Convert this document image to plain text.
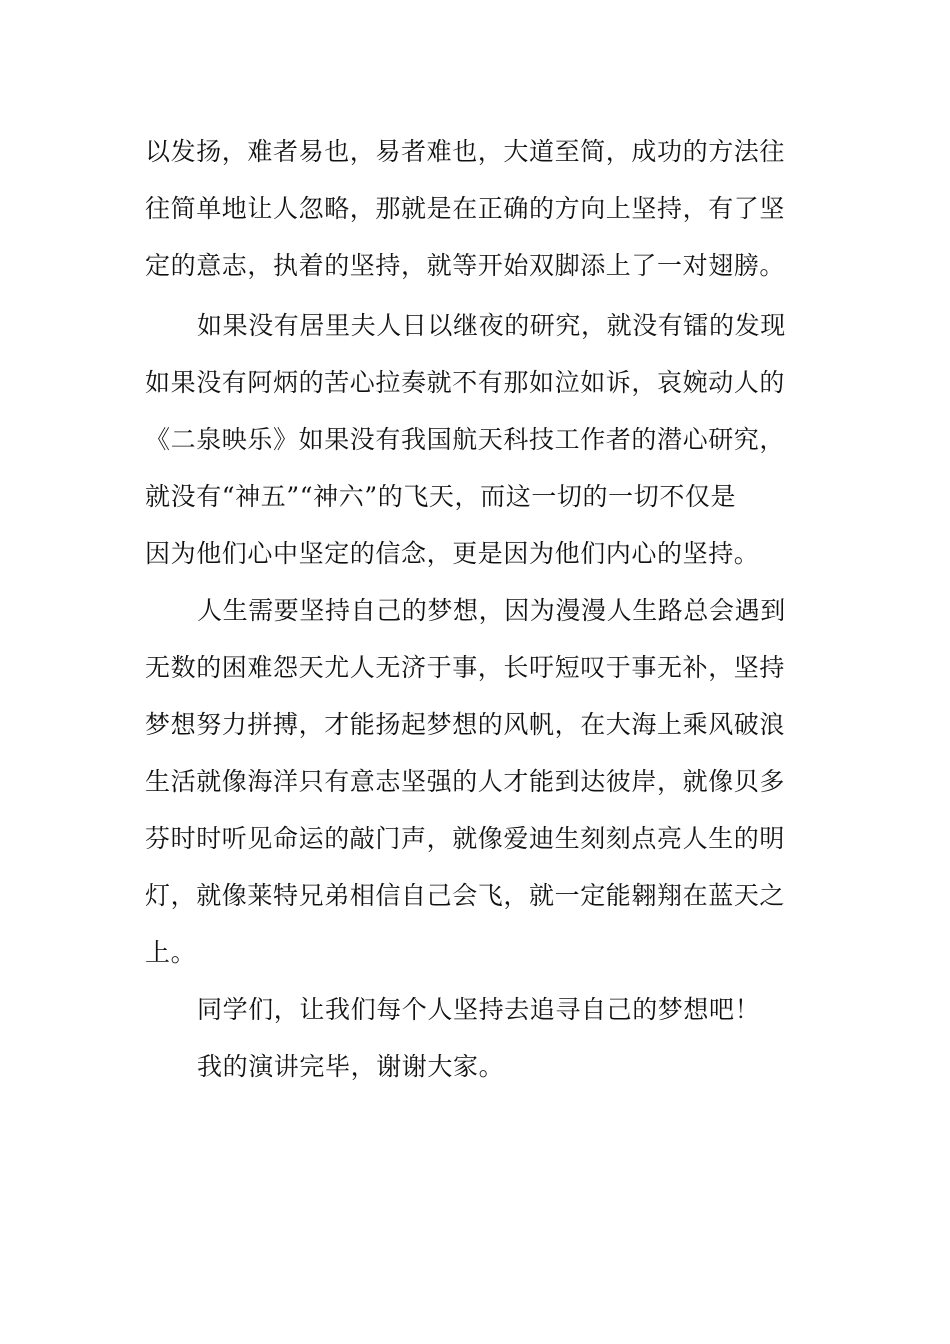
以发扬，难者易也，易者难也，大道至简，成功的方法往
往简单地让人忽略，那就是在正确的方向上坚持，有了坚
定的意志，执着的坚持，就等开始双脚添上了一对翅膀。
如果没有居里夫人日以继夜的研究，就没有镭的发现
如果没有阿炳的苦心拉奏就不有那如泣如诉，哀婉动人的
《二泉映乐》如果没有我国航天科技工作者的潜心研究，
就没有“神五”“神六”的飞天，而这一切的一切不仅是
因为他们心中坚定的信念，更是因为他们内心的坚持。
人生需要坚持自己的梦想，因为漫漫人生路总会遇到
无数的困难怨天尤人无济于事，长吁短叹于事无补，坚持
梦想努力拼搏，才能扬起梦想的风帆，在大海上乘风破浪
生活就像海洋只有意志坚强的人才能到达彼岸，就像贝多
芬时时听见命运的敲门声，就像爱迪生刻刻点亮人生的明
灯，就像莱特兄弟相信自己会飞，就一定能翱翔在蓝天之
上。
同学们，让我们每个人坚持去追寻自己的梦想吧！
我的演讲完毕，谢谢大家。
